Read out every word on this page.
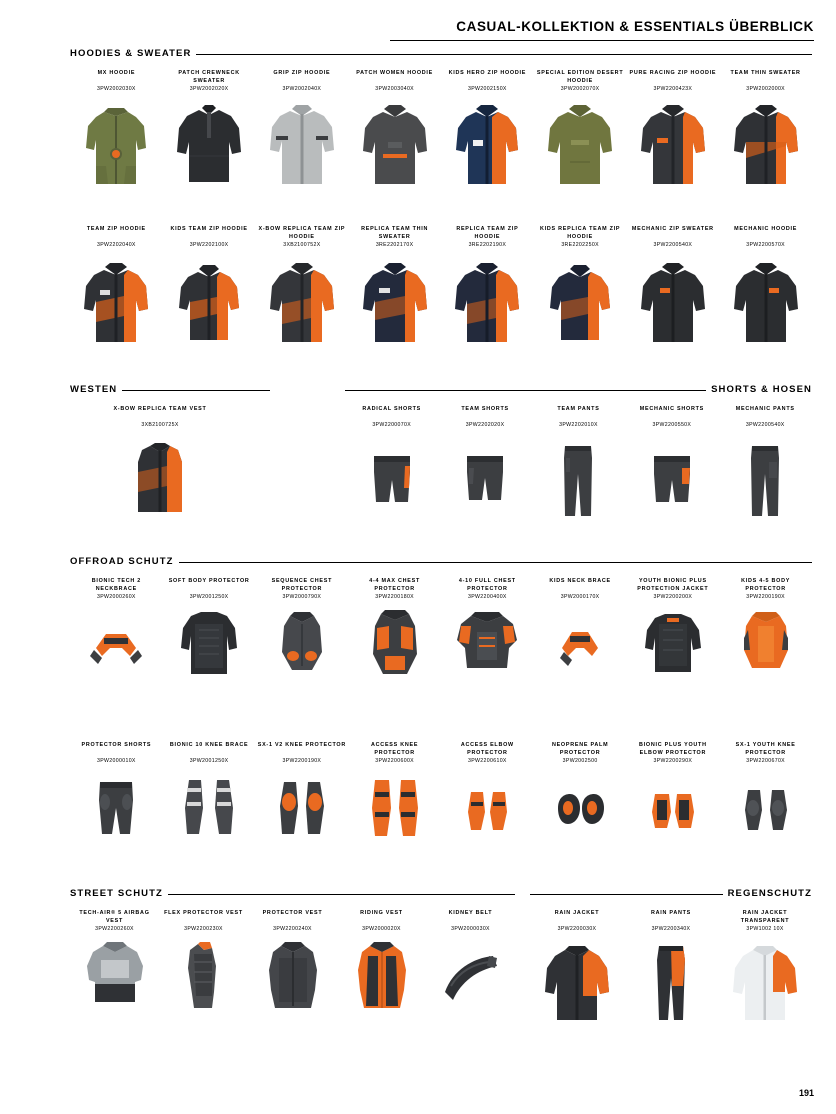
CASUAL-KOLLEKTION & ESSENTIALS ÜBERBLICK
HOODIES & SWEATER
MX HOODIE
3PW2002030X
PATCH CREWNECK SWEATER
3PW2002020X
GRIP ZIP HOODIE
3PW2002040X
PATCH WOMEN HOODIE
3PW2003040X
KIDS HERO ZIP HOODIE
3PW2002150X
SPECIAL EDITION DESERT HOODIE
3PW2002070X
PURE RACING ZIP HOODIE
3PW2200423X
TEAM THIN SWEATER
3PW2002000X
TEAM ZIP HOODIE
3PW2202040X
KIDS TEAM ZIP HOODIE
3PW2202100X
X-BOW REPLICA TEAM ZIP HOODIE
3XB2100752X
REPLICA TEAM THIN SWEATER
3RE2202170X
REPLICA TEAM ZIP HOODIE
3RE2202190X
KIDS REPLICA TEAM ZIP HOODIE
3RE2202250X
MECHANIC ZIP SWEATER
3PW2200540X
MECHANIC HOODIE
3PW2200570X
WESTEN	SHORTS & HOSEN
X-BOW REPLICA TEAM VEST
3XB2100725X
RADICAL SHORTS
3PW2200070X
TEAM SHORTS
3PW2202020X
TEAM PANTS
3PW2202010X
MECHANIC SHORTS
3PW2200550X
MECHANIC PANTS
3PW2200540X
OFFROAD SCHUTZ
BIONIC TECH 2 NECKBRACE
3PW2000260X
SOFT BODY PROTECTOR
3PW2001250X
SEQUENCE CHEST PROTECTOR
3PW2000790X
4-4 MAX CHEST PROTECTOR
3PW2200180X
4-10 FULL CHEST PROTECTOR
3PW2200400X
KIDS NECK BRACE
3PW2000170X
YOUTH BIONIC PLUS PROTECTION JACKET
3PW2200200X
KIDS 4-5 BODY PROTECTOR
3PW2200190X
PROTECTOR SHORTS
3PW2000010X
BIONIC 10 KNEE BRACE
3PW2001250X
SX-1 V2 KNEE PROTECTOR
3PW2200190X
ACCESS KNEE PROTECTOR
3PW2200600X
ACCESS ELBOW PROTECTOR
3PW2200610X
NEOPRENE PALM PROTECTOR
3PW2002500
BIONIC PLUS YOUTH ELBOW PROTECTOR
3PW2200290X
SX-1 YOUTH KNEE PROTECTOR
3PW2200670X
STREET SCHUTZ	REGENSCHUTZ
TECH-AIR® 5 AIRBAG VEST
3PW2200260X
FLEX PROTECTOR VEST
3PW2200230X
PROTECTOR VEST
3PW2200240X
RIDING VEST
3PW2000020X
KIDNEY BELT
3PW2000030X
RAIN JACKET
3PW2200030X
RAIN PANTS
3PW2200340X
RAIN JACKET TRANSPARENT
3PW1002 10X
191
